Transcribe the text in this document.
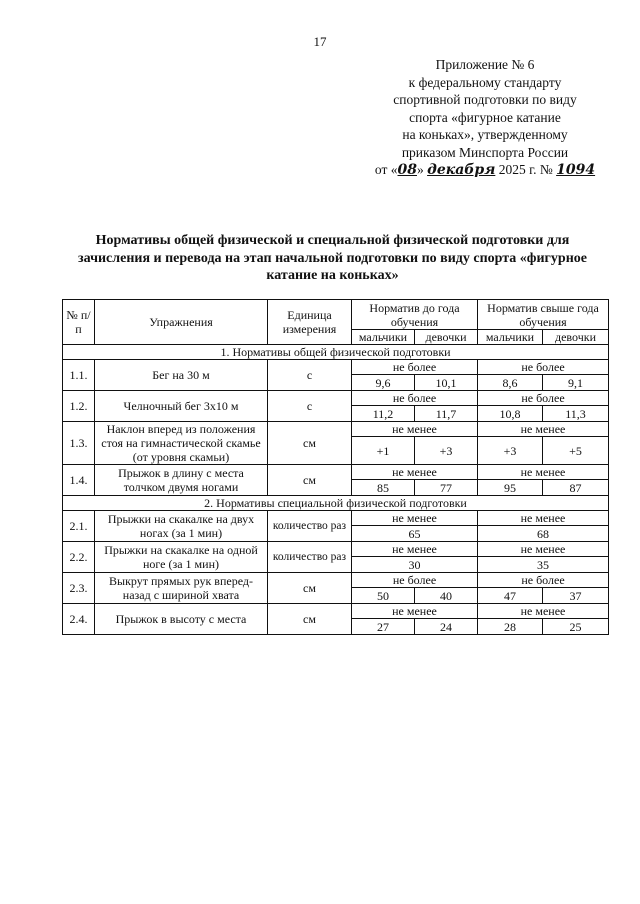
17
Приложение № 6
к федеральному стандарту
спортивной подготовки по виду
спорта «фигурное катание
на коньках», утвержденному
приказом Минспорта России
от «08» декабря 2025 г. № 1094
Нормативы общей физической и специальной физической подготовки для зачисления и перевода на этап начальной подготовки по виду спорта «фигурное катание на коньках»
№ п/п	Упражнения	Единица измерения	Норматив до года обучения		Норматив свыше года обучения	
			мальчики	девочки	мальчики	девочки
1. Нормативы общей физической подготовки						
1.1.	Бег на 30 м	с	не более		не более	
			9,6	10,1	8,6	9,1
1.2.	Челночный бег 3х10 м	с	не более		не более	
			11,2	11,7	10,8	11,3
1.3.	Наклон вперед из положения стоя на гимнастической скамье (от уровня скамьи)	см	не менее		не менее	
			+1	+3	+3	+5
1.4.	Прыжок в длину с места толчком двумя ногами	см	не менее		не менее	
			85	77	95	87
2. Нормативы специальной физической подготовки						
2.1.	Прыжки на скакалке на двух ногах (за 1 мин)	количество раз	не менее		не менее	
			65		68	
2.2.	Прыжки на скакалке на одной ноге (за 1 мин)	количество раз	не менее		не менее	
			30		35	
2.3.	Выкрут прямых рук вперед-назад с шириной хвата	см	не более		не более	
			50	40	47	37
2.4.	Прыжок в высоту с места	см	не менее		не менее	
			27	24	28	25
